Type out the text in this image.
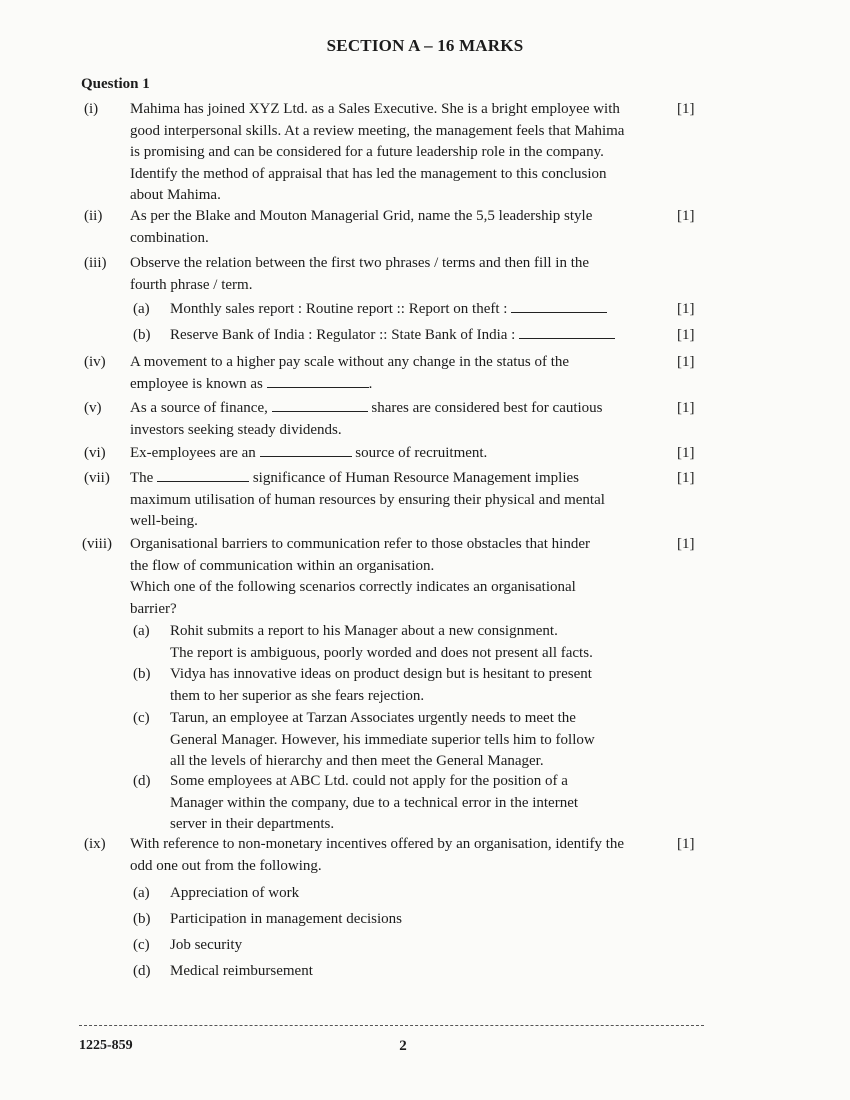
SECTION A – 16 MARKS
Question 1
(i)	Mahima has joined XYZ Ltd. as a Sales Executive. She is a bright employee with
good interpersonal skills. At a review meeting, the management feels that Mahima
is promising and can be considered for a future leadership role in the company.
Identify the method of appraisal that has led the management to this conclusion
about Mahima.
[1]
(ii)	As per the Blake and Mouton Managerial Grid, name the 5,5 leadership style
combination.
[1]
(iii)	Observe the relation between the first two phrases / terms and then fill in the
fourth phrase / term.
(a)	Monthly sales report : Routine report :: Report on theft :	[1]
(b)	Reserve Bank of India : Regulator :: State Bank of India :	[1]
(iv)	A movement to a higher pay scale without any change in the status of the
employee is known as	.
[1]
(v)	As a source of finance,	shares are considered best for cautious
investors seeking steady dividends.
[1]
(vi)	Ex-employees are an	source of recruitment.	[1]
(vii)	The	significance of Human Resource Management implies
maximum utilisation of human resources by ensuring their physical and mental
well-being.
[1]
(viii)	Organisational barriers to communication refer to those obstacles that hinder
the flow of communication within an organisation.
Which one of the following scenarios correctly indicates an organisational
barrier?
[1]
(a)	Rohit submits a report to his Manager about a new consignment.
The report is ambiguous, poorly worded and does not present all facts.
(b)	Vidya has innovative ideas on product design but is hesitant to present
them to her superior as she fears rejection.
(c)	Tarun, an employee at Tarzan Associates urgently needs to meet the
General Manager. However, his immediate superior tells him to follow
all the levels of hierarchy and then meet the General Manager.
(d)	Some employees at ABC Ltd. could not apply for the position of a
Manager within the company, due to a technical error in the internet
server in their departments.
(ix)	With reference to non-monetary incentives offered by an organisation, identify the
odd one out from the following.
[1]
(a)	Appreciation of work
(b)	Participation in management decisions
(c)	Job security
(d)	Medical reimbursement
1225-859	2
